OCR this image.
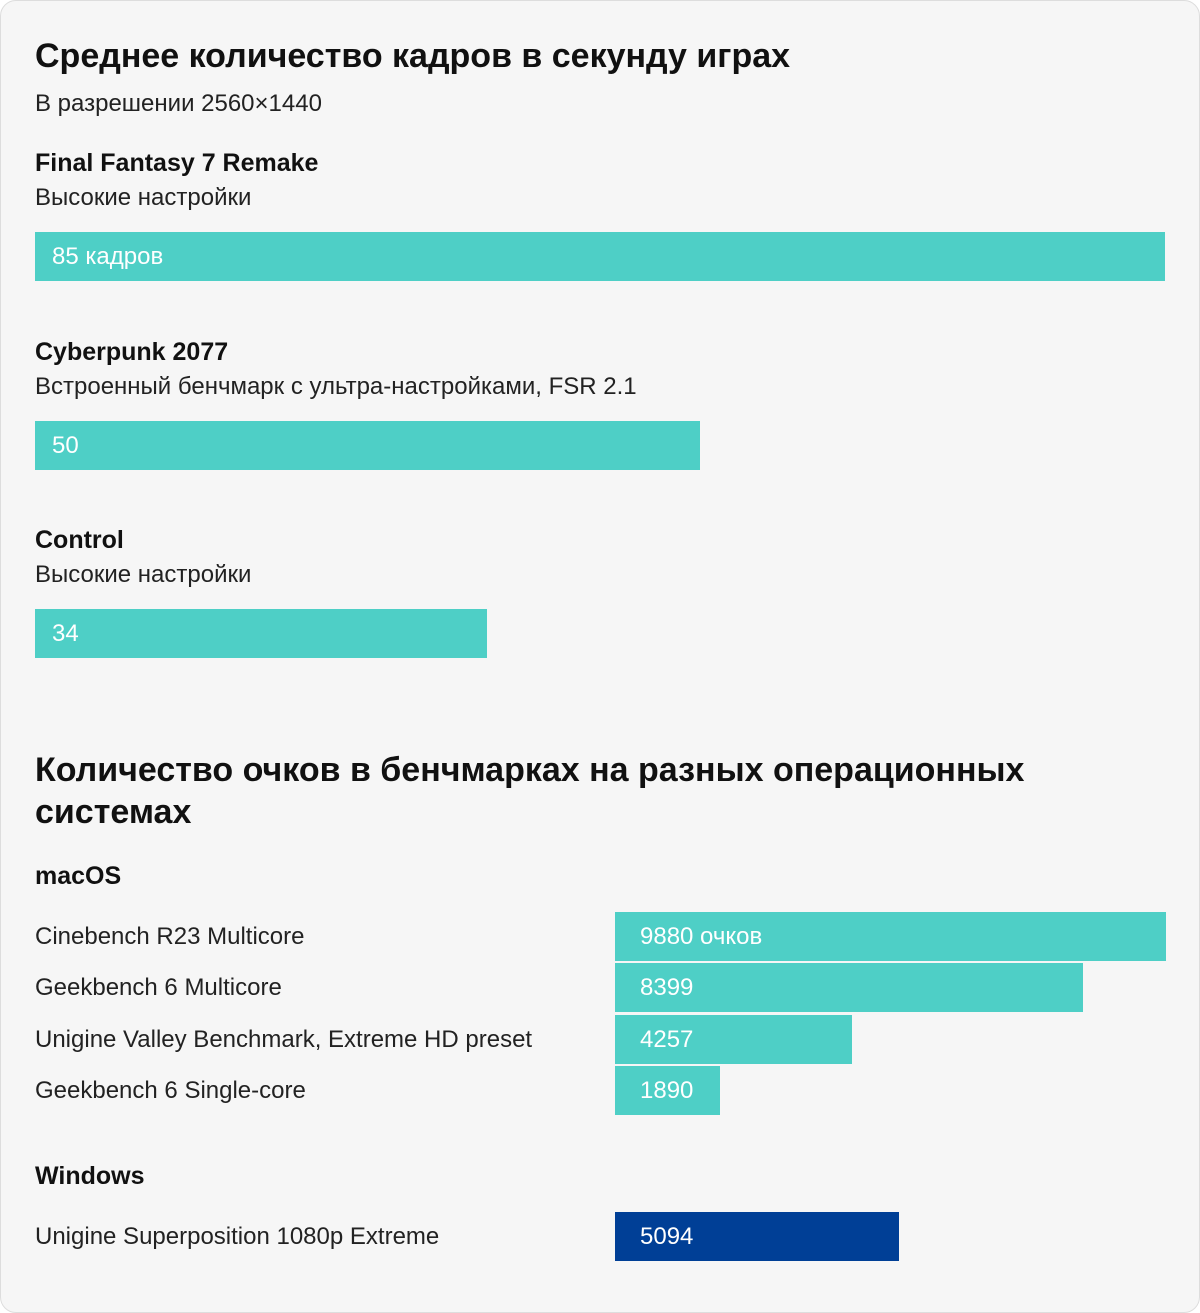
Среднее количество кадров в секунду играх
В разрешении 2560×1440
Final Fantasy 7 Remake
Высокие настройки
85 кадров
Cyberpunk 2077
Встроенный бенчмарк с ультра-настройками, FSR 2.1
50
Control
Высокие настройки
34
Количество очков в бенчмарках на разных операционных системах
macOS
Cinebench R23 Multicore	9880 очков
Geekbench 6 Multicore	8399
Unigine Valley Benchmark, Extreme HD preset	4257
Geekbench 6 Single-core	1890
Windows
Unigine Superposition 1080p Extreme	5094
